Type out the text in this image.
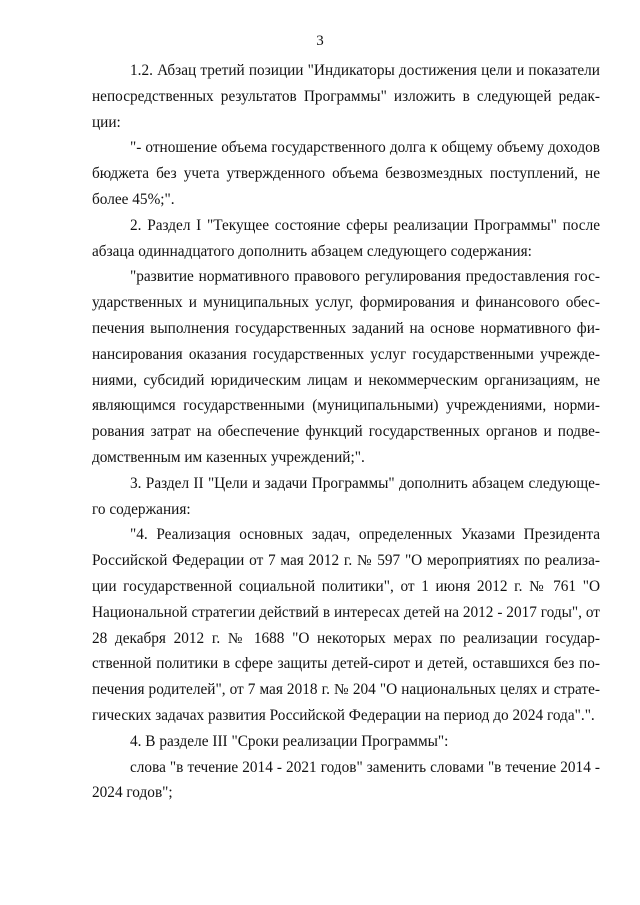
3

1.2. Абзац третий позиции "Индикаторы достижения цели и показатели непосредственных результатов Программы" изложить в следующей редакции:

"- отношение объема государственного долга к общему объему доходов бюджета без учета утвержденного объема безвозмездных поступлений, не более 45%;".

2. Раздел I "Текущее состояние сферы реализации Программы" после абзаца одиннадцатого дополнить абзацем следующего содержания:

"развитие нормативного правового регулирования предоставления государственных и муниципальных услуг, формирования и финансового обеспечения выполнения государственных заданий на основе нормативного финансирования оказания государственных услуг государственными учреждениями, субсидий юридическим лицам и некоммерческим организациям, не являющимся государственными (муниципальными) учреждениями, нормирования затрат на обеспечение функций государственных органов и подведомственным им казенных учреждений;".

3. Раздел II "Цели и задачи Программы" дополнить абзацем следующего содержания:

"4. Реализация основных задач, определенных Указами Президента Российской Федерации от 7 мая 2012 г. № 597 "О мероприятиях по реализации государственной социальной политики", от 1 июня 2012 г. № 761 "О Национальной стратегии действий в интересах детей на 2012 - 2017 годы", от 28 декабря 2012 г. № 1688 "О некоторых мерах по реализации государственной политики в сфере защиты детей-сирот и детей, оставшихся без попечения родителей", от 7 мая 2018 г. № 204 "О национальных целях и стратегических задачах развития Российской Федерации на период до 2024 года".".

4. В разделе III "Сроки реализации Программы":

слова "в течение 2014 - 2021 годов" заменить словами "в течение 2014 - 2024 годов";
